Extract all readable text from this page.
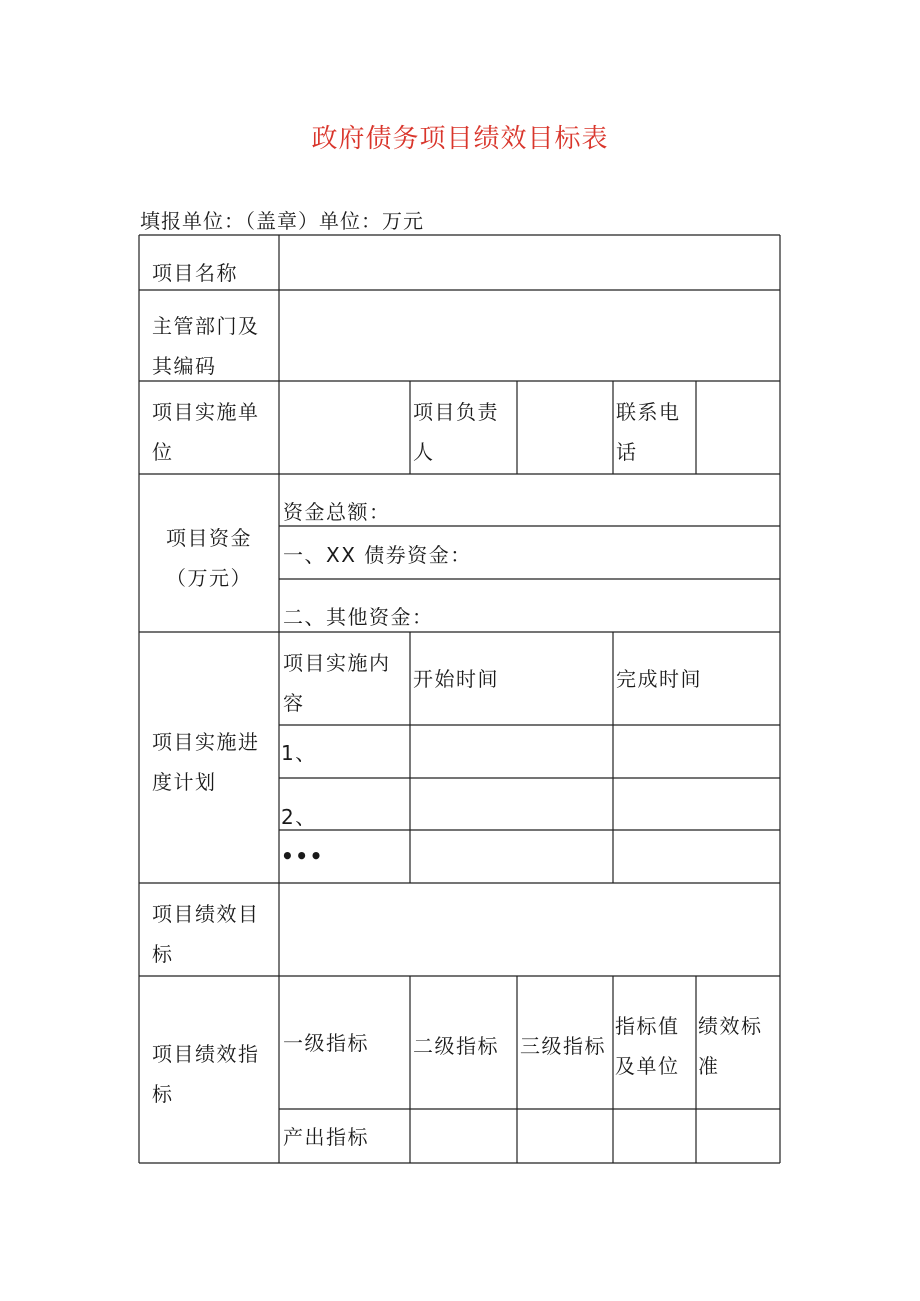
政府债务项目绩效目标表
填报单位：（盖章）单位：万元
项目名称
主管部门及
其编码
项目实施单
位
项目负责
人
联系电
话
项目资金
（万元）
资金总额：
一、XX 债券资金：
二、其他资金：
项目实施进
度计划
项目实施内
容
开始时间	完成时间
1、
2、
•••
项目绩效目
标
项目绩效指
标
一级指标 二级指标 三级指标
指标值
及单位
绩效标
准
产出指标
